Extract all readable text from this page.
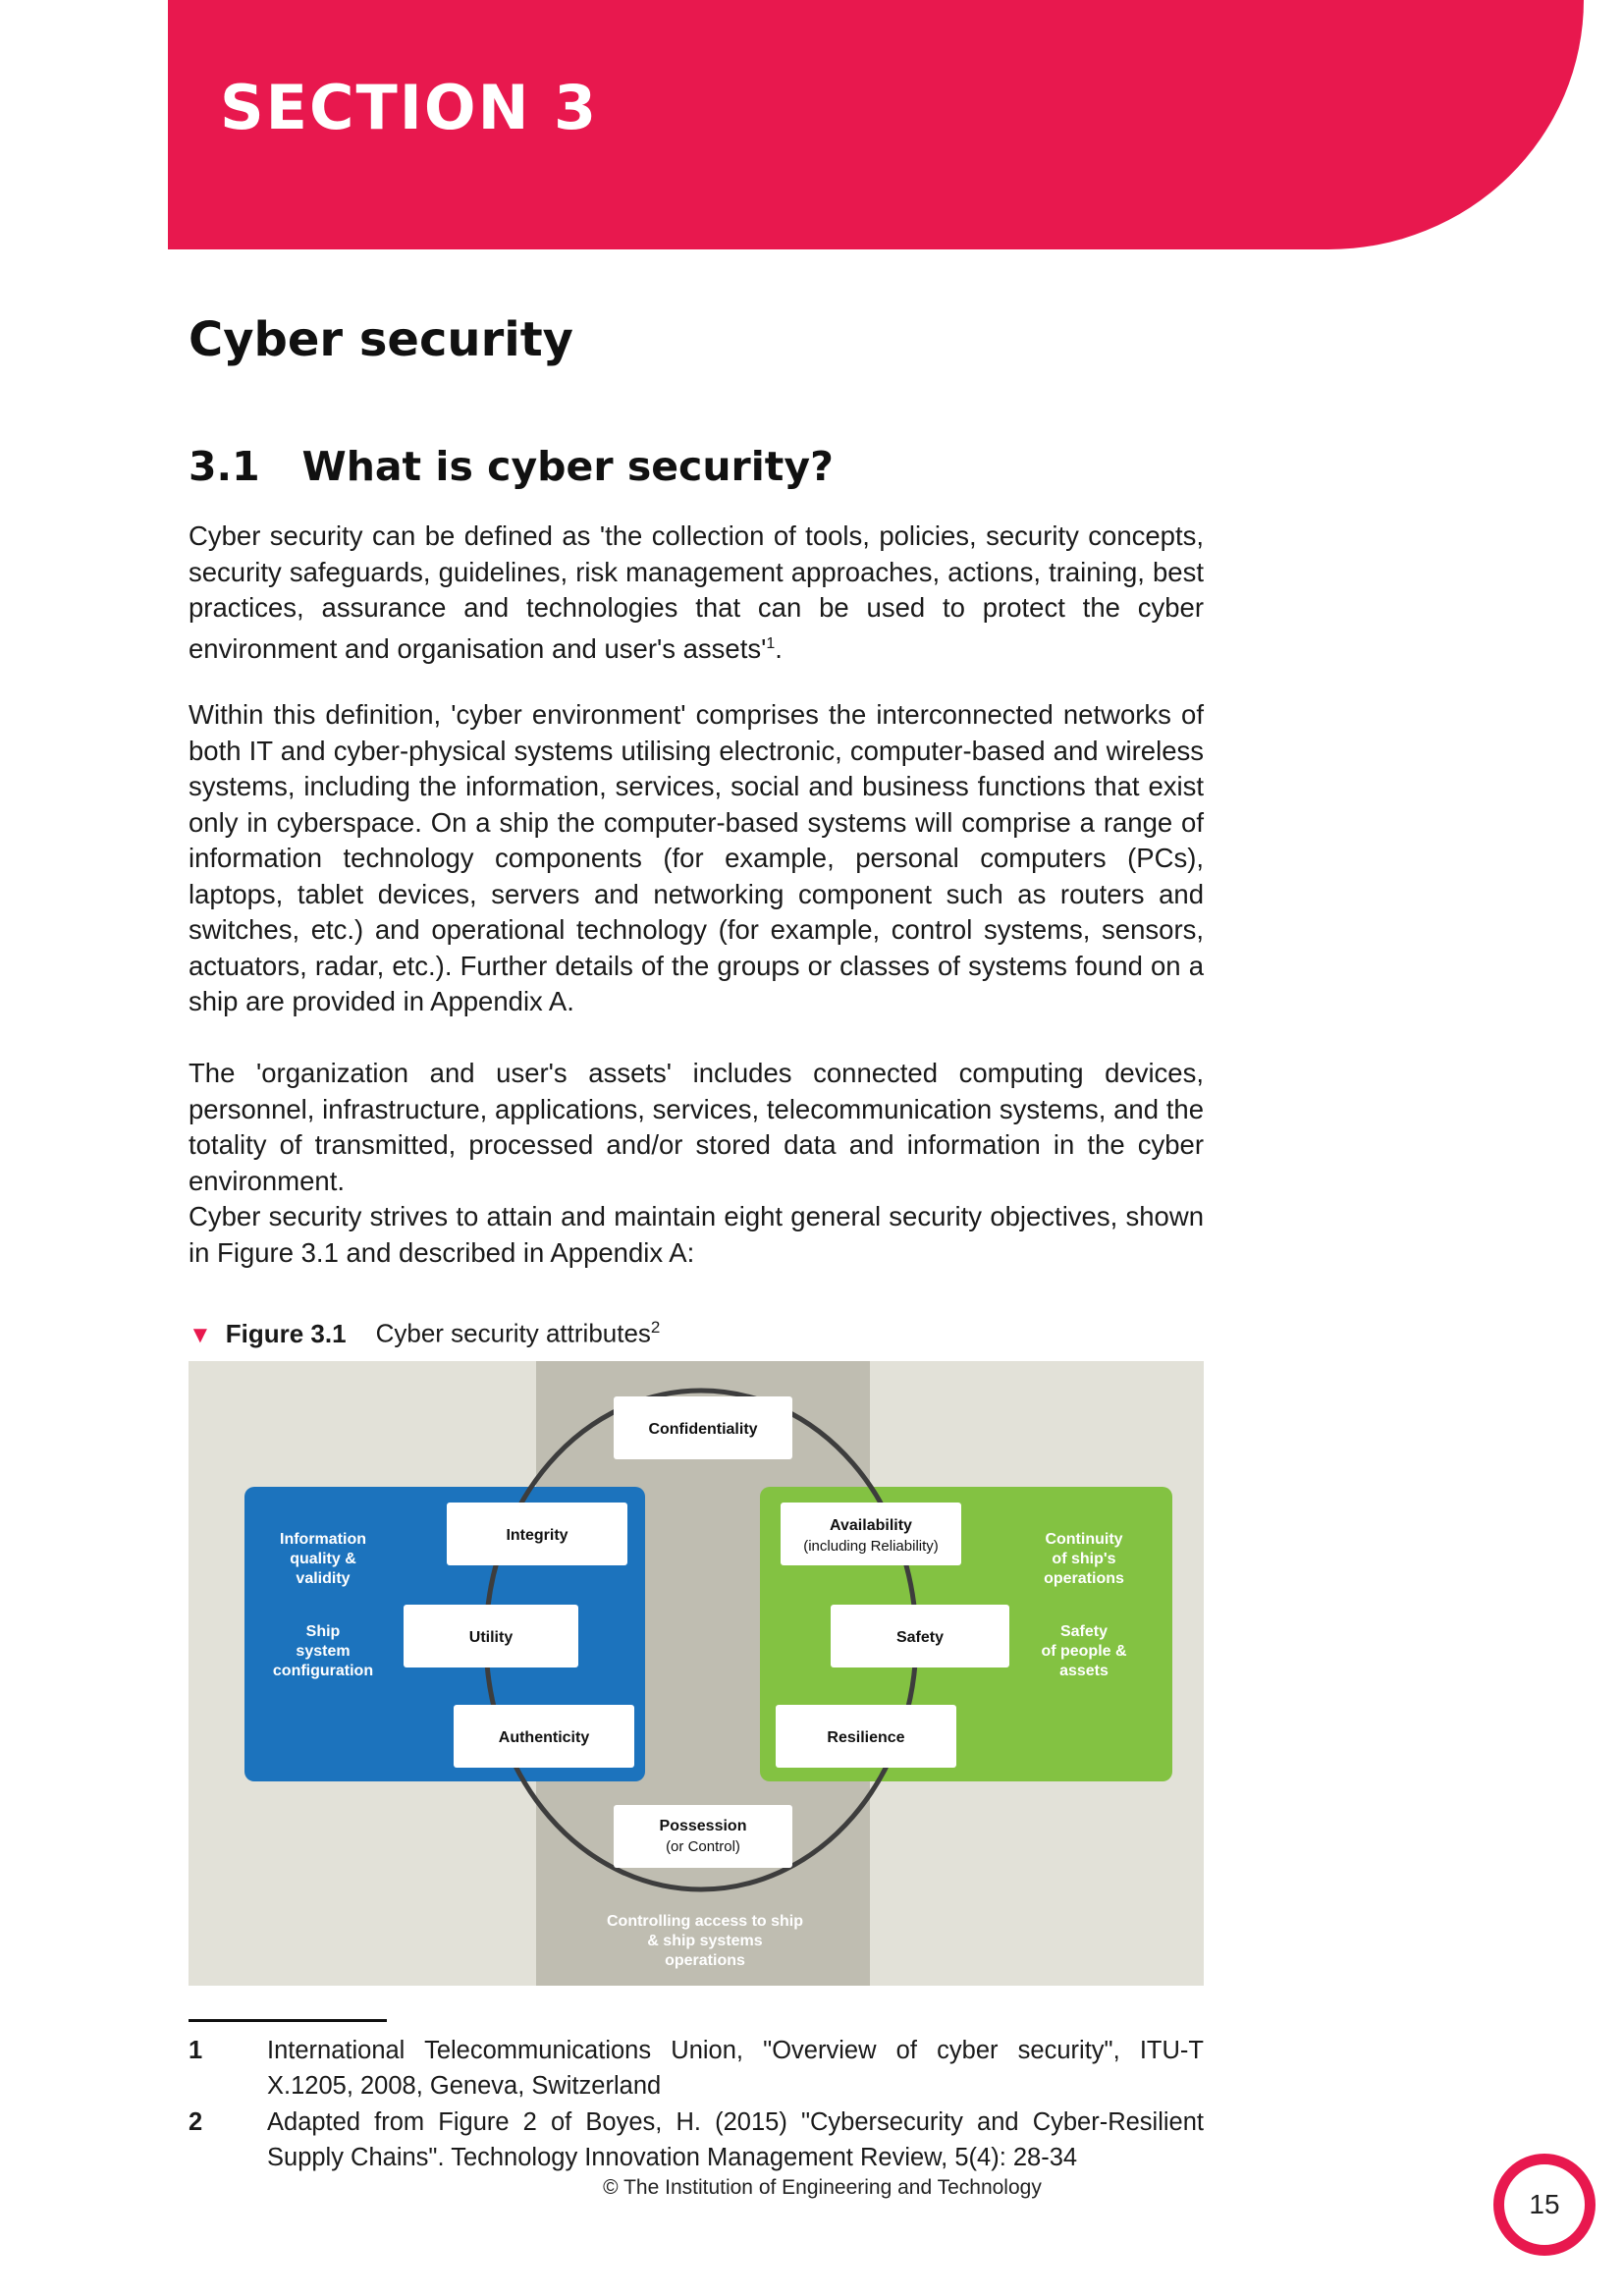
SECTION 3
Cyber security
3.1 What is cyber security?

Cyber security can be defined as 'the collection of tools, policies, security concepts, security safeguards, guidelines, risk management approaches, actions, training, best practices, assurance and technologies that can be used to protect the cyber environment and organisation and user's $assets'^1$.

Within this definition, 'cyber environment' comprises the interconnected networks of both IT and cyber-physical systems utilising electronic, computer-based and wireless systems, including the information, services, social and business functions that exist only in cyberspace. On a ship the computer-based systems will comprise a range of information technology components (for example, personal computers (PCs), laptops, tablet devices, servers and networking component such as routers and switches, etc.) and operational technology (for example, control systems, sensors, actuators, radar, etc.). Further details of the groups or classes of systems found on a ship are provided in Appendix A.

The 'organization and user's assets' includes connected computing devices, personnel, infrastructure, applications, services, telecommunication systems, and the totality of transmitted, processed and/or stored data and information in the cyber environment.

Cyber security strives to attain and maintain eight general security objectives, shown in Figure 3.1 and described in Appendix A:

▼ Figure 3.1 Cyber security attributes$^2$
Confidentiality
Integrity
Utility
Authenticity
Availability
(including Reliability)
Safety
Resilience
Possession
(or Control)
Information
quality &
validity
Ship
system
configuration
Continuity
of ship's
operations
Safety
of people &
assets
Controlling access to ship
& ship systems
operations
1	International Telecommunications Union, "Overview of cyber security", ITU-T X.1205, 2008, Geneva, Switzerland
2	Adapted from Figure 2 of Boyes, H. (2015) "Cybersecurity and Cyber-Resilient Supply Chains". Technology Innovation Management Review, 5(4): 28-34
© The Institution of Engineering and Technology
15
